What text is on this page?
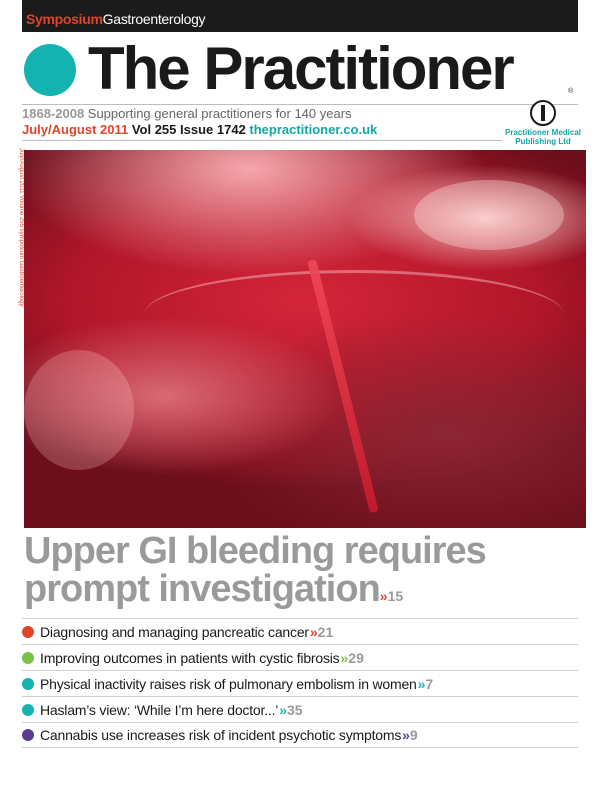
SymposiumGastroenterology
The Practitioner	®
1868-2008 Supporting general practitioners for 140 years
July/August 2011 Vol 255 Issue 1742 thepractitioner.co.uk	Practitioner Medical Publishing Ltd
July/August 2011 Volume 255 symposium Gastroenterology
Upper GI bleeding requires
prompt investigation»15
Diagnosing and managing pancreatic cancer » 21
Improving outcomes in patients with cystic fibrosis » 29
Physical inactivity raises risk of pulmonary embolism in women » 7
Haslam’s view: ‘While I’m here doctor...’ » 35
Cannabis use increases risk of incident psychotic symptoms » 9
